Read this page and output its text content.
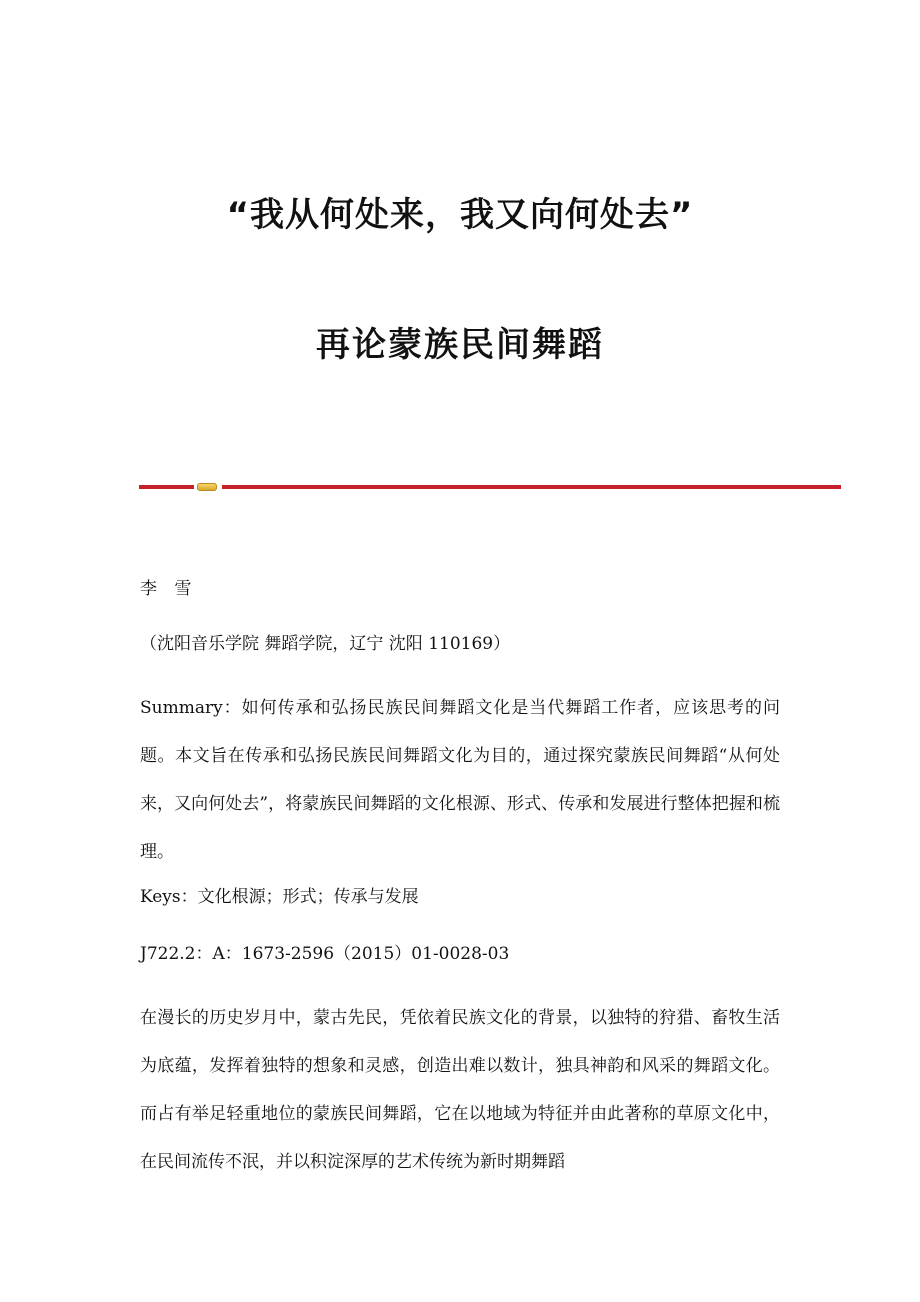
“我从何处来，我又向何处去”
再论蒙族民间舞蹈
李 雪
（沈阳音乐学院 舞蹈学院，辽宁 沈阳 110169）
Summary：如何传承和弘扬民族民间舞蹈文化是当代舞蹈工作者，应该思考的问题。本文旨在传承和弘扬民族民间舞蹈文化为目的，通过探究蒙族民间舞蹈“从何处来，又向何处去”，将蒙族民间舞蹈的文化根源、形式、传承和发展进行整体把握和梳理。
Keys：文化根源；形式；传承与发展
J722.2：A：1673-2596（2015）01-0028-03
在漫长的历史岁月中，蒙古先民，凭依着民族文化的背景，以独特的狩猎、畜牧生活为底蕴，发挥着独特的想象和灵感，创造出难以数计，独具神韵和风采的舞蹈文化。而占有举足轻重地位的蒙族民间舞蹈，它在以地域为特征并由此著称的草原文化中，在民间流传不泯，并以积淀深厚的艺术传统为新时期舞蹈
